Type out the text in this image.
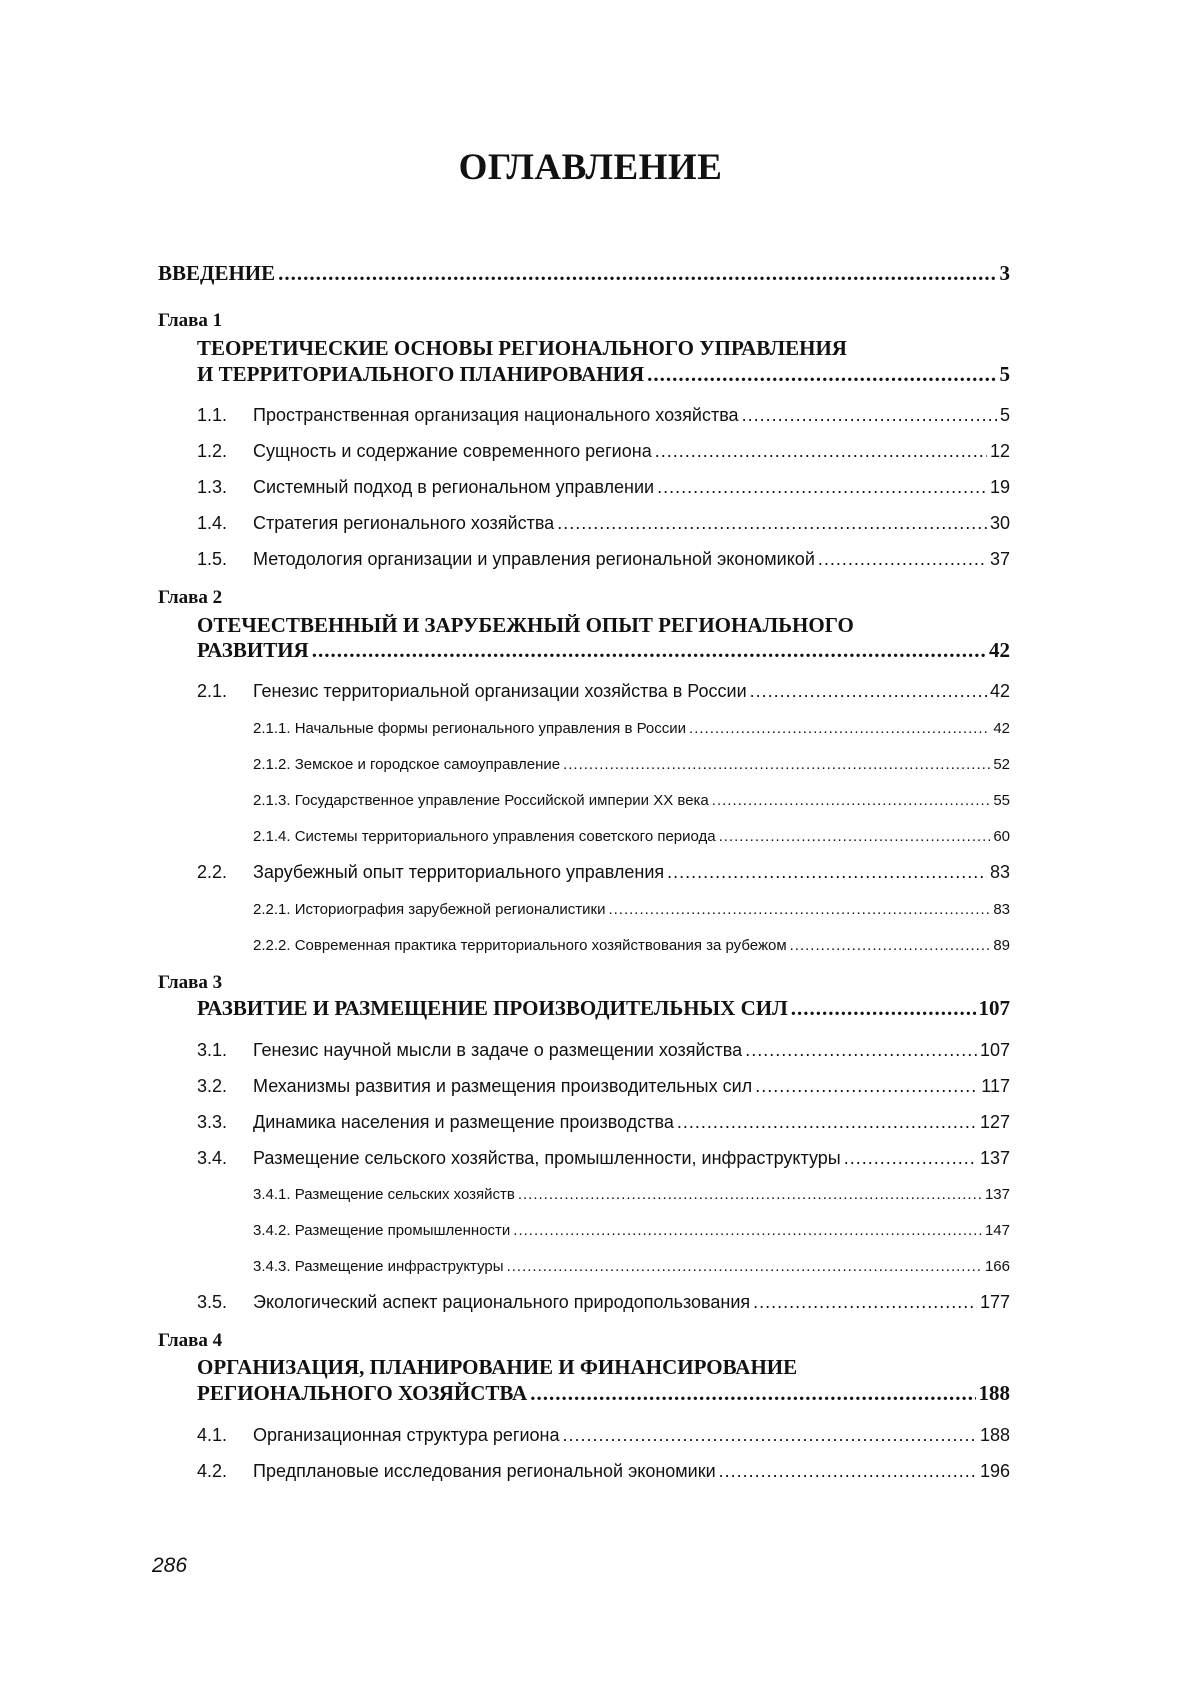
ОГЛАВЛЕНИЕ
ВВЕДЕНИЕ .....	3
Глава 1
ТЕОРЕТИЧЕСКИЕ ОСНОВЫ РЕГИОНАЛЬНОГО УПРАВЛЕНИЯ
И ТЕРРИТОРИАЛЬНОГО ПЛАНИРОВАНИЯ .....	5
1.1. Пространственная организация национального хозяйства .....	5
1.2. Сущность и содержание современного региона .....	12
1.3. Системный подход в региональном управлении .....	19
1.4. Стратегия регионального хозяйства .....	30
1.5. Методология организации и управления региональной экономикой .....	37
Глава 2
ОТЕЧЕСТВЕННЫЙ И ЗАРУБЕЖНЫЙ ОПЫТ РЕГИОНАЛЬНОГО
РАЗВИТИЯ .....	42
2.1. Генезис территориальной организации хозяйства в России .....	42
2.1.1. Начальные формы регионального управления в России .....	42
2.1.2. Земское и городское самоуправление .....	52
2.1.3. Государственное управление Российской империи XX века .....	55
2.1.4. Системы территориального управления советского периода .....	60
2.2. Зарубежный опыт территориального управления .....	83
2.2.1. Историография зарубежной регионалистики .....	83
2.2.2. Современная практика территориального хозяйствования за рубежом .....	89
Глава 3
РАЗВИТИЕ И РАЗМЕЩЕНИЕ ПРОИЗВОДИТЕЛЬНЫХ СИЛ .....	107
3.1. Генезис научной мысли в задаче о размещении хозяйства .....	107
3.2. Механизмы развития и размещения производительных сил .....	117
3.3. Динамика населения и размещение производства .....	127
3.4. Размещение сельского хозяйства, промышленности, инфраструктуры .....	137
3.4.1. Размещение сельских хозяйств .....	137
3.4.2. Размещение промышленности .....	147
3.4.3. Размещение инфраструктуры .....	166
3.5. Экологический аспект рационального природопользования .....	177
Глава 4
ОРГАНИЗАЦИЯ, ПЛАНИРОВАНИЕ И ФИНАНСИРОВАНИЕ
РЕГИОНАЛЬНОГО ХОЗЯЙСТВА .....	188
4.1. Организационная структура региона .....	188
4.2. Предплановые исследования региональной экономики .....	196
286
